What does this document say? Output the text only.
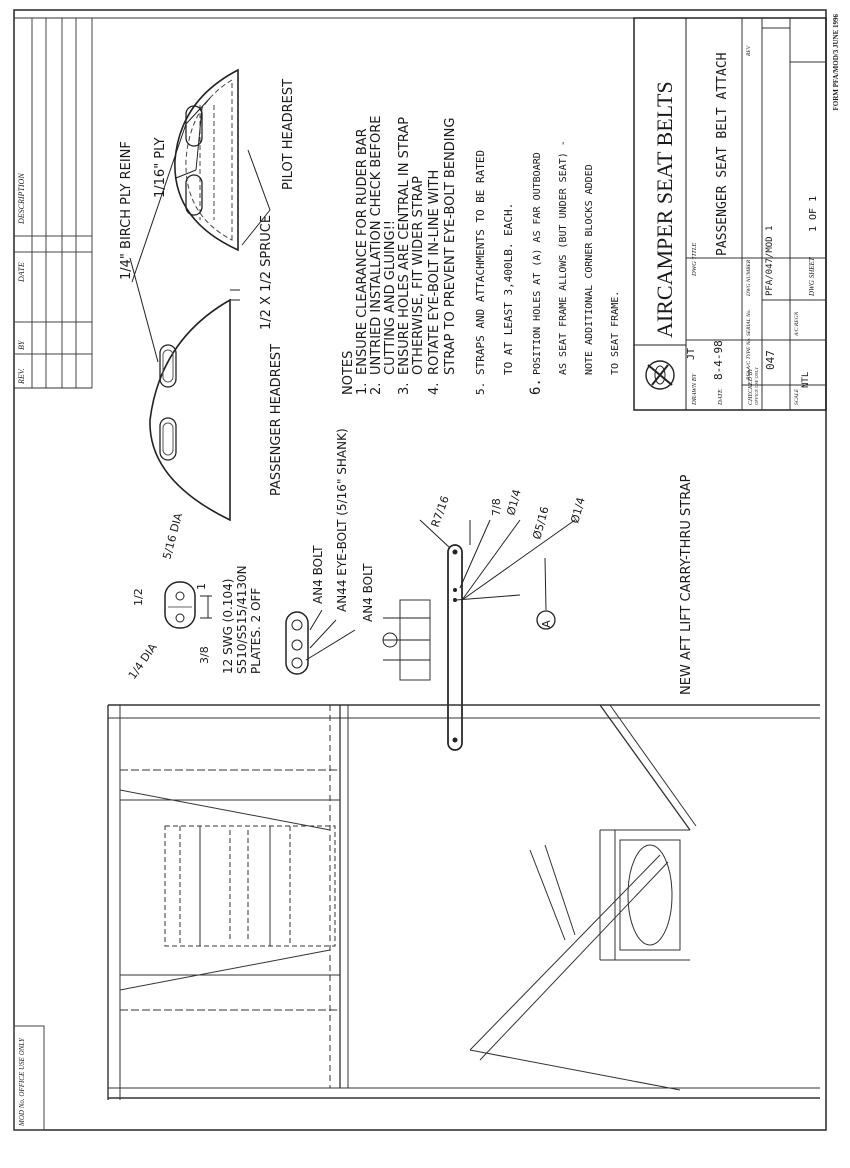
FORM PFA/MOD/3 JUNE 1996
REV.
BY
DATE
DESCRIPTION
MOD No. OFFICE USE ONLY
AIRCAMPER SEAT BELTS
DRAWN BY
JT
DWG TITLE
DATE
8-4-98
PASSENGER SEAT BELT ATTACH
CHECKED BY OFFICE USE ONLY
PFA A/C TYPE No. 047
SERIAL No.
DWG NUMBER PFA/047/MOD 1
REV
SCALE
NTL
A/C REGN
DWG SHEET
1 OF 1
NOTES 1.
ENSURE CLEARANCE FOR RUDER BAR
2.
UNTRIED INSTALLATION CHECK BEFORE CUTTING AND GLUING!!
3.
ENSURE HOLES ARE CENTRAL IN STRAP OTHERWISE, FIT WIDER STRAP
4.
ROTATE EYE-BOLT IN-LINE WITH STRAP TO PREVENT EYE-BOLT BENDING
5.
STRAPS AND ATTACHMENTS TO BE RATED TO AT LEAST 3,400LB. EACH.
6.
POSITION HOLES AT (A) AS FAR OUTBOARD AS SEAT FRAME ALLOWS (BUT UNDER SEAT) - NOTE ADDITIONAL CORNER BLOCKS ADDED TO SEAT FRAME.
PASSENGER HEADREST
1/2 X 1/2 SPRUCE
1/4" BIRCH PLY REINF 1/16" PLY	PILOT HEADREST
5/16 DIA
1/2
1
1/4 DIA	3/8 12 SWG (0.104) S510/S515/4130N PLATES. 2 OFF
AN4 BOLT AN44 EYE-BOLT (5/16" SHANK) AN4 BOLT
R7/16	7/8 Ø1/4
Ø5/16 Ø1/4
A	NEW AFT LIFT CARRY-THRU STRAP
